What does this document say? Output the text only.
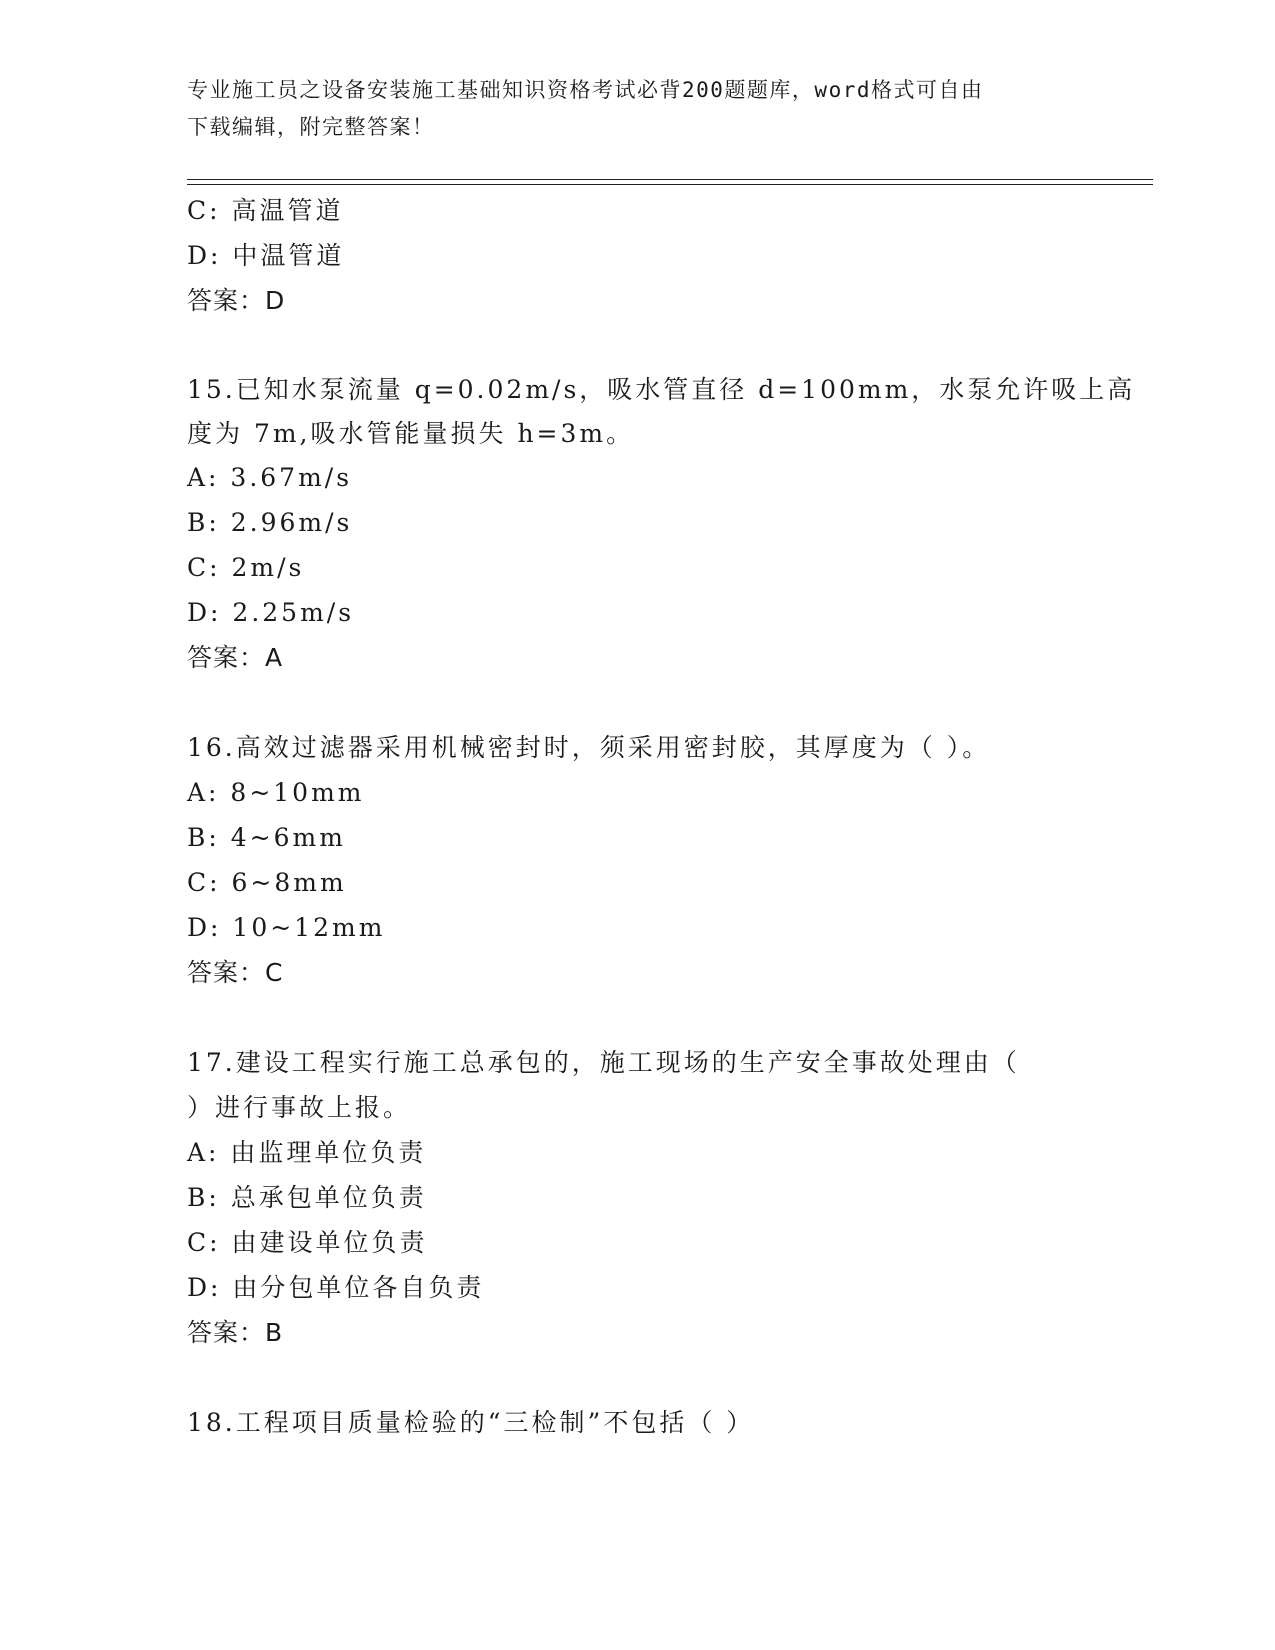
专业施工员之设备安装施工基础知识资格考试必背200题题库，word格式可自由
下载编辑，附完整答案！
C: 高温管道
D: 中温管道
答案：D
15.已知水泵流量 q=0.02m/s，吸水管直径 d=100mm，水泵允许吸上高
度为 7m,吸水管能量损失 h=3m。
A: 3.67m/s
B: 2.96m/s
C: 2m/s
D: 2.25m/s
答案：A
16.高效过滤器采用机械密封时，须采用密封胶，其厚度为（ ）。
A: 8~10mm
B: 4~6mm
C: 6~8mm
D: 10~12mm
答案：C
17.建设工程实行施工总承包的，施工现场的生产安全事故处理由（
）进行事故上报。
A: 由监理单位负责
B: 总承包单位负责
C: 由建设单位负责
D: 由分包单位各自负责
答案：B
18.工程项目质量检验的“三检制”不包括（ ）
